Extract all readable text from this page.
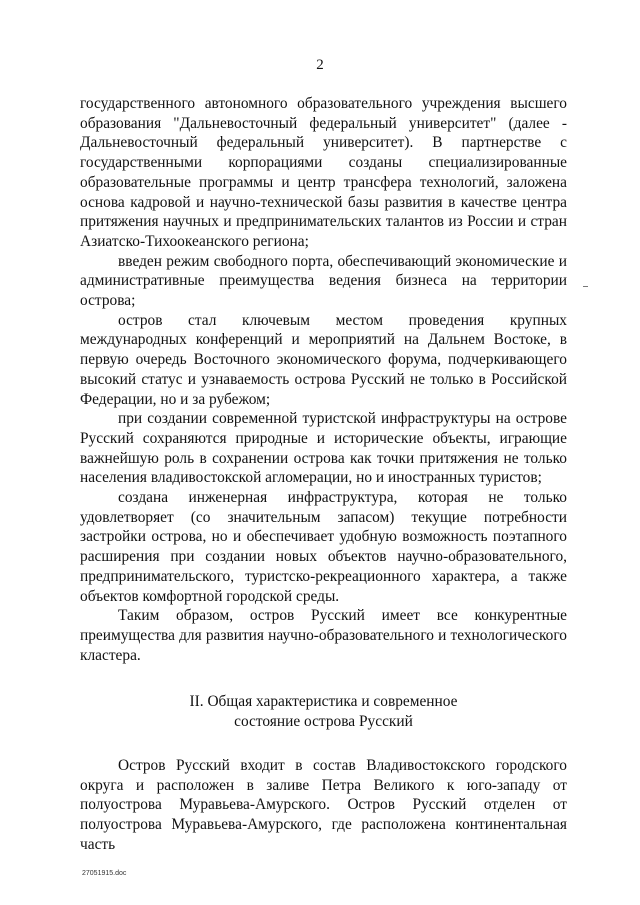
2

государственного автономного образовательного учреждения высшего образования "Дальневосточный федеральный университет" (далее - Дальневосточный федеральный университет). В партнерстве с государственными корпорациями созданы специализированные образовательные программы и центр трансфера технологий, заложена основа кадровой и научно-технической базы развития в качестве центра притяжения научных и предпринимательских талантов из России и стран Азиатско-Тихоокеанского региона;

введен режим свободного порта, обеспечивающий экономические и административные преимущества ведения бизнеса на территории острова;

остров стал ключевым местом проведения крупных международных конференций и мероприятий на Дальнем Востоке, в первую очередь Восточного экономического форума, подчеркивающего высокий статус и узнаваемость острова Русский не только в Российской Федерации, но и за рубежом;

при создании современной туристской инфраструктуры на острове Русский сохраняются природные и исторические объекты, играющие важнейшую роль в сохранении острова как точки притяжения не только населения владивостокской агломерации, но и иностранных туристов;

создана инженерная инфраструктура, которая не только удовлетворяет (со значительным запасом) текущие потребности застройки острова, но и обеспечивает удобную возможность поэтапного расширения при создании новых объектов научно-образовательного, предпринимательского, туристско-рекреационного характера, а также объектов комфортной городской среды.

Таким образом, остров Русский имеет все конкурентные преимущества для развития научно-образовательного и технологического кластера.

II. Общая характеристика и современное
состояние острова Русский

Остров Русский входит в состав Владивостокского городского округа и расположен в заливе Петра Великого к юго-западу от полуострова Муравьева-Амурского. Остров Русский отделен от полуострова Муравьева-Амурского, где расположена континентальная часть

27051915.doc
